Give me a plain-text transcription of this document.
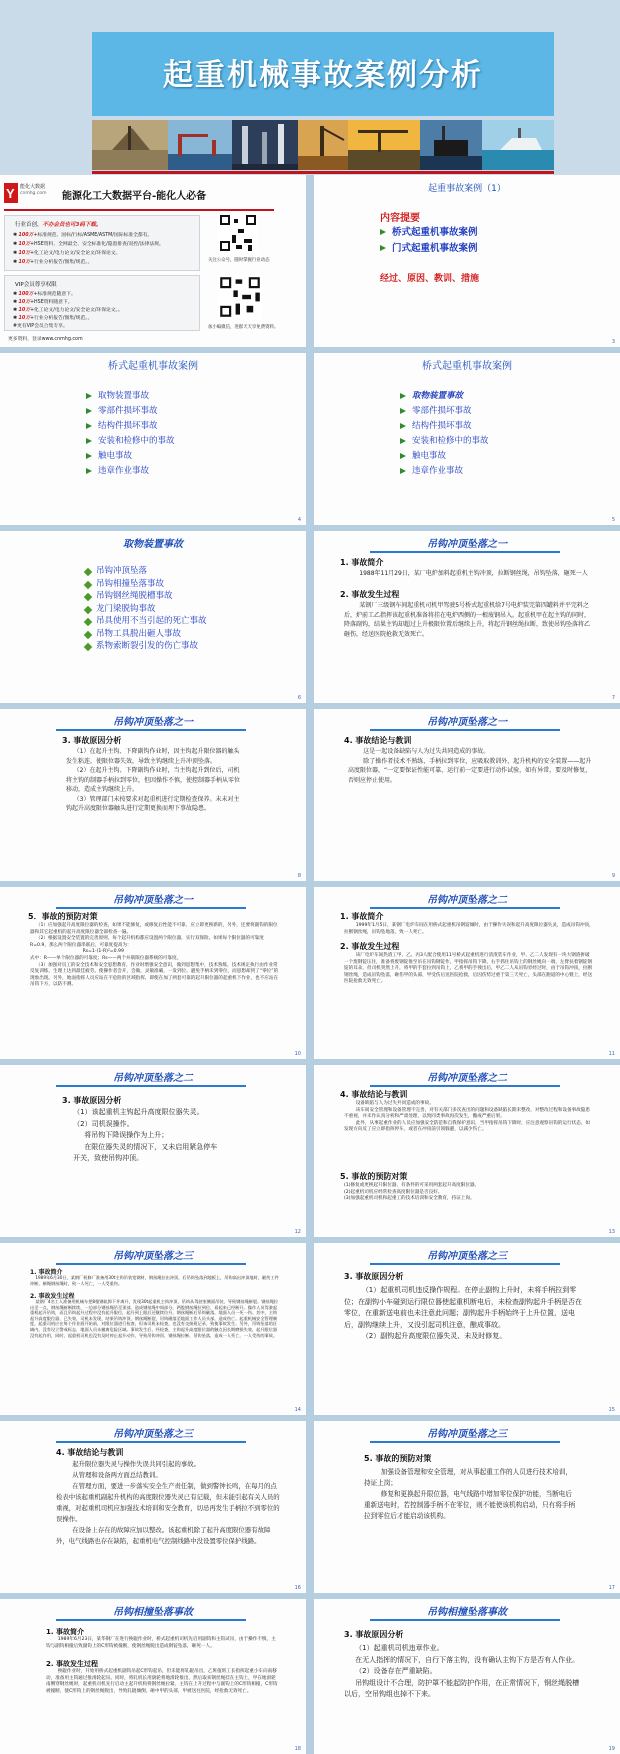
起重机械事故案例分析
Y 能化大数据
cnmhg.com 能源化工大数据平台-能化人必备
行业首创，不办会员也可3码下载。
✱ 100万+标准规范、国标/行标/ASME/ASTM/国际标准全都有。
✱ 10万+HSE资料、全网最全、安全标准化/隐患排查/双控/法律法规。
✱ 10万+化工论文/电力论文/安全论文/环保论文。
✱ 10万+行业分析报告/图集/规范。。	关注公众号，随时掌握行业动态
VIP会员尊享权限
✱ 100万+标准规范随意下。
✱ 10万+HSE资料随意下。
✱ 10万+化工论文/电力论文/安全论文/环保论文。。
✱ 10万+行业分析报告/图集/规范。。
#更有VIP会员合集专享。
更多资料，登录www.cnmhg.com
加小编微信，进群天天享免费资料。
起重事故案例（1）
内容提要
桥式起重机事故案例
门式起重机事故案例
经过、原因、教训、措施
3
桥式起重机事故案例
取物装置事故
零部件损坏事故
结构件损坏事故
安装和检修中的事故
触电事故
违章作业事故
4
桥式起重机事故案例
取物装置事故
零部件损坏事故
结构件损坏事故
安装和检修中的事故
触电事故
违章作业事故
5
取物装置事故
吊钩冲顶坠落
吊钩相撞坠落事故
吊钩钢丝绳脱槽事故
龙门梁脱钩事故
吊具使用不当引起的死亡事故
吊物工具脱出砸人事故
系物索断裂引发的伤亡事故
6
吊钩冲顶坠落之一
1. 事故简介
1988年11月29日，某厂电炉加料起重机主钩冲顶，拉断钢丝绳，吊钩坠落，砸死一人
2. 事故发生过程
某钢厂三级钢车间起重机司机甲驾驶5号桥式起重机给7号电炉装完第四罐料并平完料之后，炉前工乙指挥该起重机准备将挂在电炉西侧的一根废钢吊入。起重机甲在起主钩的同时，降落副钩，结果主钩却超过上升极限位置后继续上升，将起升钢丝绳拉断，致使吊钩坠落将乙砸伤，经送医院抢救无效死亡。
7
吊钩冲顶坠落之一
3. 事故原因分析
（1）在起升主钩、下降副钩作业时，因主钩起升限位器的触头发生粘连，使限位器失效，导致主钩继续上升冲顶坠落。
（2）在起升主钩、下降副钩作业时，当主钩起升到位后，司机将主钩的制器手柄拉到零位，但因操作不慎，使控制器手柄从零位移动，造成主钩继续上升。
（3）管理部门未按要求对起重机进行定期检查保养。未未对主钩起升高度限位器触头进行定期更换而埋下事故隐患。
8
吊钩冲顶坠落之一
4. 事故结论与教训
这是一起设备缺陷与人为过失共同造成的事故。
除了操作者技术不熟练，手柄拉到零位，应吸取教训外，起升机构的安全装置——起升高度限位器，“一定要保证性能可靠，运行前一定要进行动作试验，如有异常，要及时修复，否则应停止使用。
9
吊钩冲顶坠落之一
5．事故的预防对策
（1）应加强起升高度限位器的检查，如果不能修复，或修复后性能不可靠，应立即更换新的，另外，还要将副钩的限位器和其它起重机的起升高度限位器全部检查一遍。
（2）根据设置安全装置的完善原则，每个起升机构都应设置两个限位器，实行双保险。如果每个限位器的可靠度R=0.9，那么两个限位器串联后，可靠度提高为：
Rs=1-(1-R)²=0.99
式中：R——单个限位器的可靠度；Rs——两个并联限位器系统的可靠度。
（3）加强对员工的安全技术和安全思想教育，作业时增强安全意识，做到思想集中，技术熟练，技术规定执行由作业常反复训练，生理上达到最佳疲劳。使操作者会开，会做，灵敏准确，一发到位。避免手柄未到零位，而思想却到了“零位”的现象出现。另外，地面指挥人员应站在不危险的区域指挥，即使在加了两套可靠的起升限位器的起重机下作业，也不应站在吊钩下方，以防不测。
10
吊钩冲顶坠落之二
1. 事故简介
1999年1月5日，某钢厂电炉车间在用桥式起重机吊钢锭倾时，由于操作失误和起升高度限位器失灵，造成吊钩冲顶，拉断钢丝绳，吊钩坠地落，致一人死亡。
2. 事故发生过程
该厂电炉车间热渣工甲、乙、丙3人配合使用11号桥式起重机进行清渣装车作业，甲、乙二人发现有一块大钢渣拼破一个废钢锭压住，准备将废钢锭推至吊在吊钩钢锭作，甲指挥吊钩下降，右手抓住吊钩上的钢丝绳向一端，左臂扶着钢锭钢锭的耳朵，但司机突然上升，将甲的手套拉到吊钩上，乙将甲的手拽出后，甲乙二人从吊钩旁经过时，由于吊钩冲顶，拉断钢丝绳，造成吊钩坠落，砸伤甲的头部，甲受伤后送医院抢救，后因伤势过重于第三天死亡，头部在跑道的中心暨上，经送医院抢救无效死亡。
11
吊钩冲顶坠落之二
3. 事故原因分析
（1）该起重机主钩起升高度限位器失灵。
（2）司机误操作。
将吊钩下降误操作为上升；
在限位器失灵的情况下，又未启用紧急停车
开关，致使吊钩冲顶。
12
吊钩冲顶坠落之二
4. 事故结论与教训
设备缺陷与人为过失共同造成的事故。
该车间安全管理和设备管理不完善，对有关部门多次查出的问题和设备缺陷长期未整改，对整改过程和设备事故隐患不重视，并未作认真分析和严肃处理，以致同类事故再次发生，酿成严重后果。
此外，从事起重作业的人员应加强安全防范和自我保护意识，当甲指挥吊钩下降时，应注意观察吊钩的运行状态，如发现方向反了应立即指挥停车，或者在冲顶前引领躲避，以减少伤亡。
5. 事故的预防对策
(1)修复或更换起升限位器，有条件的可采用两套起升高度限位器。
(2)起重机司机应经常检查高度限位器是否良好。
(3)加强起重机司机和起重工的技术培训和安全教育，持证上岗。
13
吊钩冲顶坠落之三
1. 事故简介
1989年6月30日，某钢厂机修厂准备用30t主钩吊装宽钢材，钢丝绳拉出冲顶，后吊钩坠落到地板上，吊钩高出冲顶地时，砸伤工件冲断，断绳钢丝绳时，致一人死亡，一人受重伤。
2. 事故发生过程
某钢厂4名工人准备用机械车把8根钢轨卸下并离开，发现30t起重机主钩冲顶，吊钩从驾驶室侧面吊装，导致钢丝绳断裂。钢丝绳拉出至一点，钢丝绳断断续续，一边部分钢丝绳吊至顶部，造成钢丝绳中间部分，两股钢丝绳拉到位，看起来已经断开。操作人员驾驶起重机起升吊钩，而且吊钩起升过程中没有起升限位，起升到上限后还继续拉升，钢丝绳断后吊钩砸落，地面人员一死一伤。其中，主钩起升高度限位器，已失效，司机未发现，结果吊钩冲顶，钢丝绳断裂，吊钩砸落至地面工作人员头部，造成伤亡。起重机械安全管理制度，起重司机应在每个作业班开始前，对限位器进行检查，但该司机未检查，也没有交接班记录，致使事故发生。另外，吊钩坠落的区域内，没有设立警戒标志，地面人员未撤离危险区域。事故发生后，经检查，主钩起升高度限位器的触点因长期磨损失效，起升限位器没有起作用，同时，起重机司机也没有及时停止起升动作，导致吊钩冲顶、钢丝绳拉断、吊钩坠落，造成一人死亡，一人受伤的事故。
14
吊钩冲顶坠落之三
3. 事故原因分析
（1）起重机司机违反操作规程。在停止副钩上升时，未将手柄拉到零位；在副钩小车碰到运行限位器使起重机断电后，未检查副钩起升手柄是否在零位，在重新送电前也未注意此问题；副钩起升手柄始终于上升位置，送电后，副钩继续上升，又没引起司机注意，酿成事故。
（2）副钩起升高度限位器失灵、未及时修复。
15
吊钩冲顶坠落之三
4. 事故结论与教训
起升限位器失灵与操作失误共同引起的事故。
从管理和设备两方面总结教训。
在管理方面，要进一步落实安全生产责任制，做到警钟长鸣，在每月的点检表中该起重机副起升机构的高度限位器失灵已有记载，但未能引起有关人员的重视，对起重机司机应加强技术培训和安全教育，切忌再发生手柄拉不到零位的误操作。
在设备上存在的故障应加以整改。该起重机除了起升高度限位器有故障外，电气线路也存在缺陷，起重机电气控制线路中没设置零位保护线路。
16
吊钩冲顶坠落之三
5. 事故的预防对策
加强设备管理和安全管理，对从事起重工作的人员进行技术培训，持证上岗；
修复和更换起升限位器，电气线路中增加零位保护功能，当断电后重新送电时，若控制器手柄不在零位，则不能使该机构启动，只有将手柄拉到零位后才能启动该机构。
17
吊钩相撞坠落事故
1. 事故简介
1989年6月23日，某华钢厂在进行换辊作业时，桥式起重机司机先启用副钩和主钩试吊，由于操作不慎，主钩与副钩相撞后致副钩上的C形钩被撞断，使钢丝绳脱出造成钢锭坠落，砸死一人。
2. 事故发生过程
换辊作业时，开始用桥式起重机副钩吊起C形钩起吊，但未能将轧辊吊出，乙班值班工长指挥起重小车向南移动，准备用主钩通过推滑轮起吊。同时，将轧机长用滚轮将地滑轮推出，然后取来钢丝绳挂在主钩上，甲在地滑轮南侧穿钢丝绳时，起重机司机先行启动主起升机构将钢丝绳拉紧，主钩在上升过程中与副钩上的C形钩相撞，C形钩被撞断，使C形钩上的钢丝绳脱出，导致轧辊倾倒，砸中甲的头部，甲被送往医院，经抢救无效死亡。
18
吊钩相撞坠落事故
3. 事故原因分析
（1）起重机司机违章作业。
在无人指挥的情况下，自行下落主钩，没有确认主钩下方是否有人作业。
（2）设备存在严重缺陷。
吊钩组设计不合理，防护罩不能起防护作用，在正常情况下，钢丝绳脱槽以后，空吊钩组也掉不下来。
19
